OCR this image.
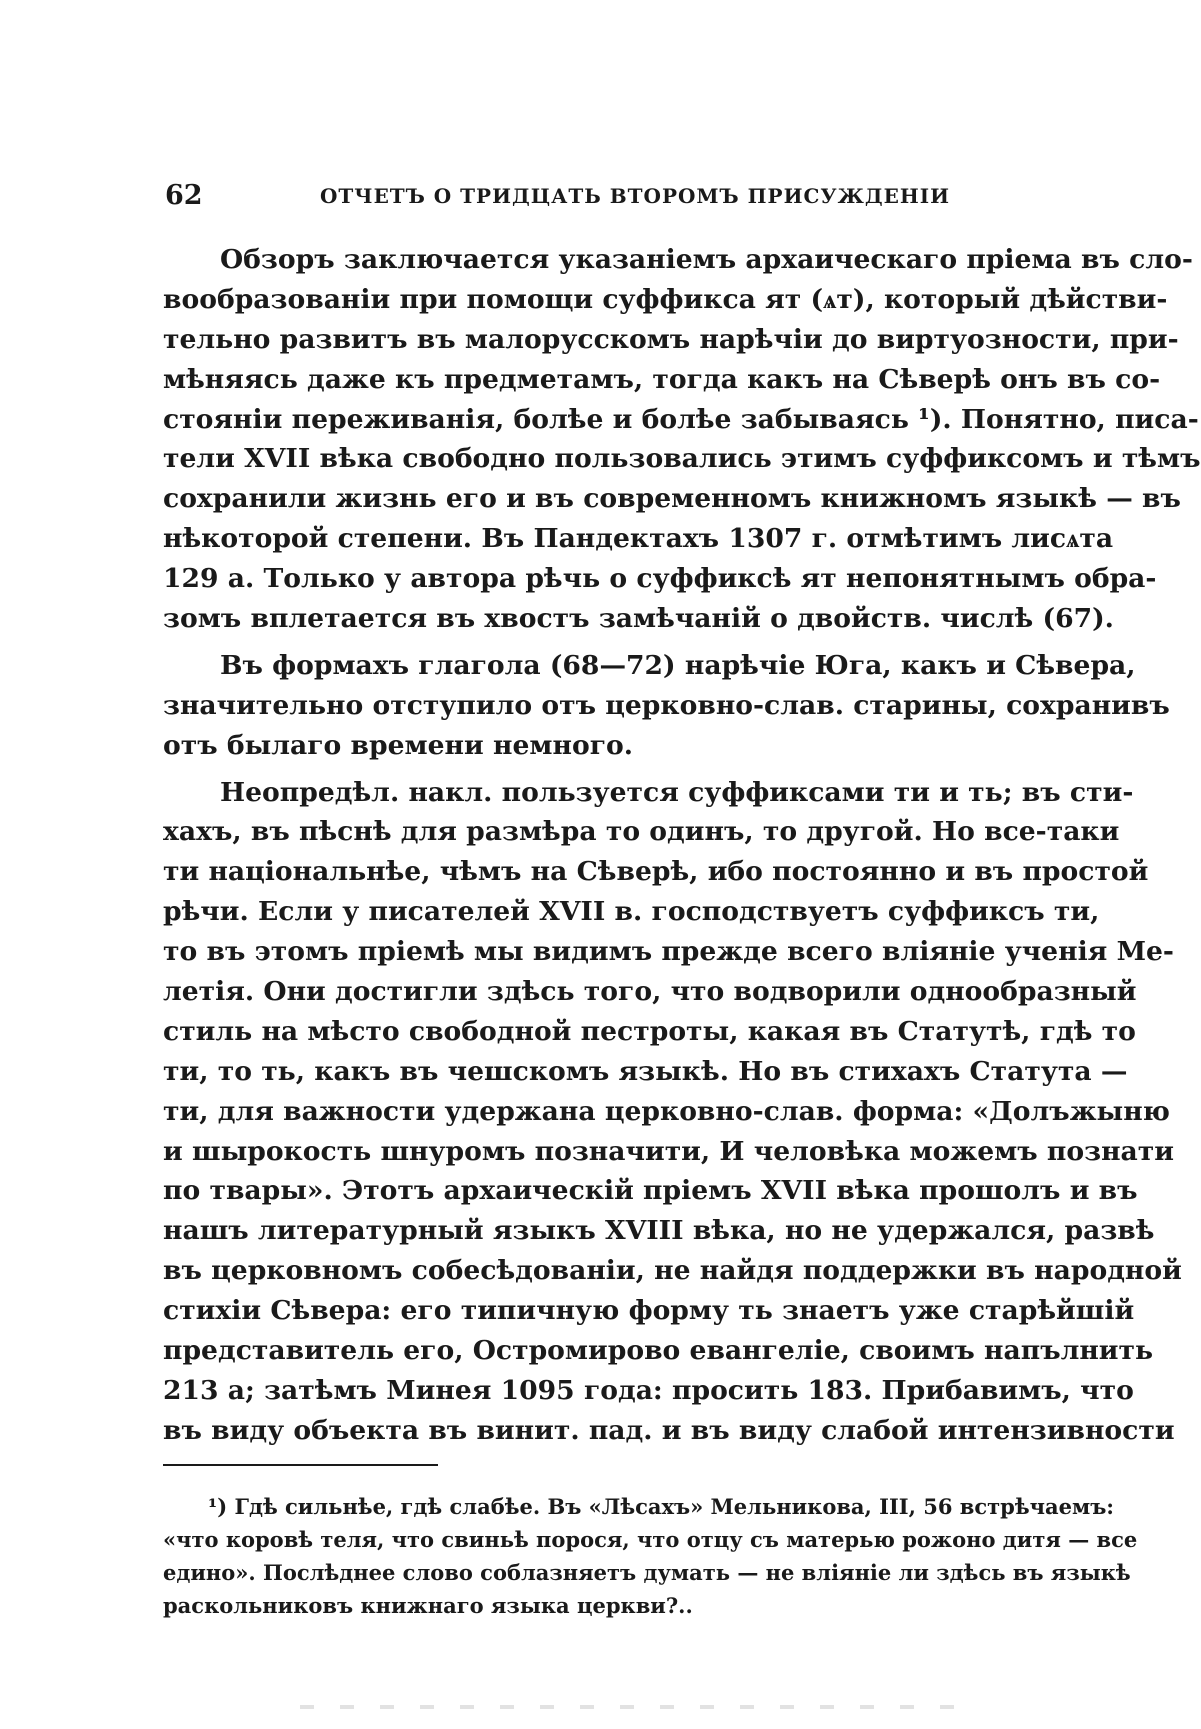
62	ОТЧЕТЪ О ТРИДЦАТЬ ВТОРОМЪ ПРИСУЖДЕНІИ
Обзоръ заключается указаніемъ архаическаго пріема въ сло-
вообразованіи при помощи суффикса ят (ѧт), который дѣйстви-
тельно развитъ въ малорусскомъ нарѣчіи до виртуозности, при-
мѣняясь даже къ предметамъ, тогда какъ на Сѣверѣ онъ въ со-
стояніи переживанія, болѣе и болѣе забываясь ¹). Понятно, писа-
тели XVII вѣка свободно пользовались этимъ суффиксомъ и тѣмъ
сохранили жизнь его и въ современномъ книжномъ языкѣ — въ
нѣкоторой степени. Въ Пандектахъ 1307 г. отмѣтимъ лисѧта
129 а. Только у автора рѣчь о суффиксѣ ят непонятнымъ обра-
зомъ вплетается въ хвостъ замѣчаній о двойств. числѣ (67).
Въ формахъ глагола (68—72) нарѣчіе Юга, какъ и Сѣвера,
значительно отступило отъ церковно-слав. старины, сохранивъ
отъ былаго времени немного.
Неопредѣл. накл. пользуется суффиксами ти и ть; въ сти-
хахъ, въ пѣснѣ для размѣра то одинъ, то другой. Но все-таки
ти національнѣе, чѣмъ на Сѣверѣ, ибо постоянно и въ простой
рѣчи. Если у писателей XVII в. господствуетъ суффиксъ ти,
то въ этомъ пріемѣ мы видимъ прежде всего вліяніе ученія Ме-
летія. Они достигли здѣсь того, что водворили однообразный
стиль на мѣсто свободной пестроты, какая въ Статутѣ, гдѣ то
ти, то ть, какъ въ чешскомъ языкѣ. Но въ стихахъ Статута —
ти, для важности удержана церковно-слав. форма: «Долъжыню
и шырокость шнуромъ позначити, И человѣка можемъ познати
по твары». Этотъ архаическій пріемъ XVII вѣка прошолъ и въ
нашъ литературный языкъ XVIII вѣка, но не удержался, развѣ
въ церковномъ собесѣдованіи, не найдя поддержки въ народной
стихіи Сѣвера: его типичную форму ть знаетъ уже старѣйшій
представитель его, Остромирово евангеліе, своимъ напълнить
213 а; затѣмъ Минея 1095 года: просить 183. Прибавимъ, что
въ виду объекта въ винит. пад. и въ виду слабой интензивности
¹) Гдѣ сильнѣе, гдѣ слабѣе. Въ «Лѣсахъ» Мельникова, III, 56 встрѣчаемъ:
«что коровѣ теля, что свиньѣ порося, что отцу съ матерью рожоно дитя — все
едино». Послѣднее слово соблазняетъ думать — не вліяніе ли здѣсь въ языкѣ
раскольниковъ книжнаго языка церкви?..
